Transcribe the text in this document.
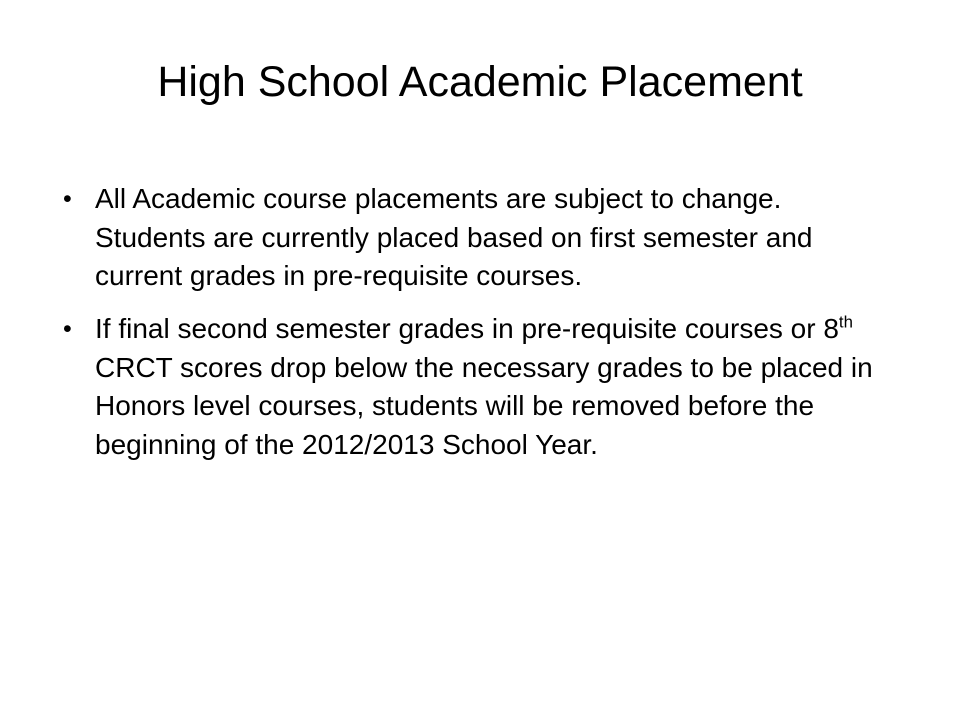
High School Academic Placement
• All Academic course placements are subject to change. Students are currently placed based on first semester and current grades in pre-requisite courses.
• If final second semester grades in pre-requisite courses or 8th CRCT scores drop below the necessary grades to be placed in Honors level courses, students will be removed before the beginning of the 2012/2013 School Year.
